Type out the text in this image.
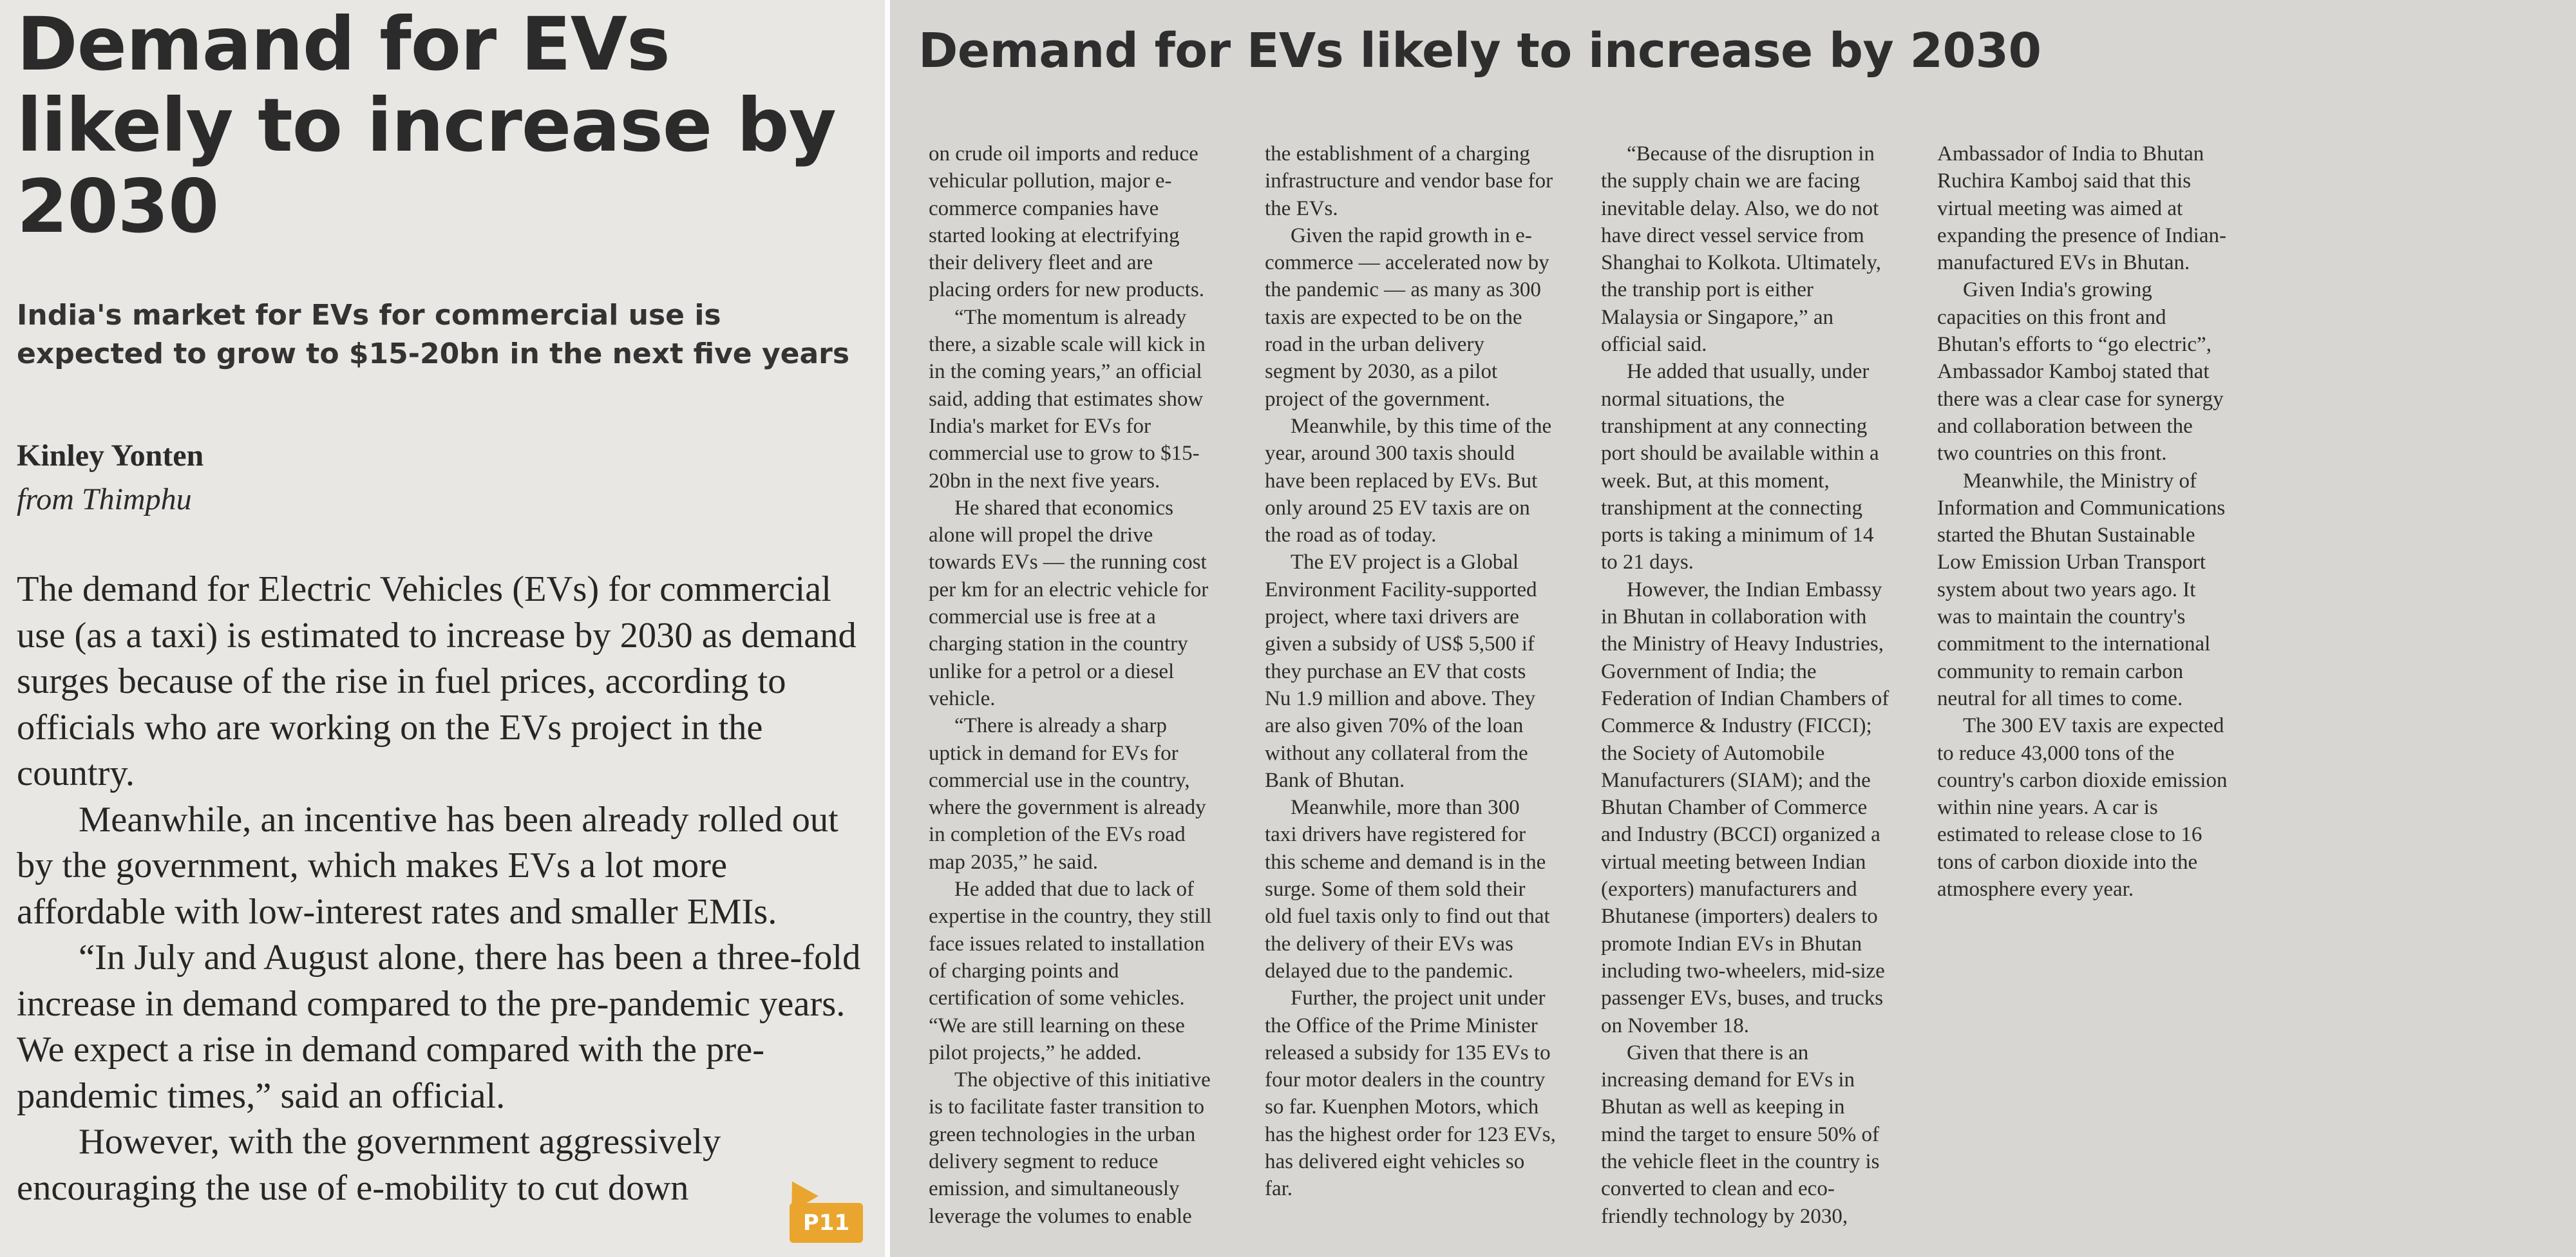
Demand for EVs likely to increase by 2030
India's market for EVs for commercial use is expected to grow to $15-20bn in the next five years

Kinley Yonten

from Thimphu

The demand for Electric Vehicles (EVs) for commercial use (as a taxi) is estimated to increase by 2030 as demand surges because of the rise in fuel prices, according to officials who are working on the EVs project in the country.

Meanwhile, an incentive has been already rolled out by the government, which makes EVs a lot more affordable with low-interest rates and smaller EMIs.

“In July and August alone, there has been a three-fold increase in demand compared to the pre-pandemic years. We expect a rise in demand compared with the pre-pandemic times,” said an official.

However, with the government aggressively encouraging the use of e-mobility to cut down

P11
Demand for EVs likely to increase by 2030

on crude oil imports and reduce vehicular pollution, major e-commerce companies have started looking at electrifying their delivery fleet and are placing orders for new products.

“The momentum is already there, a sizable scale will kick in in the coming years,” an official said, adding that estimates show India's market for EVs for commercial use to grow to $15-20bn in the next five years.

He shared that economics alone will propel the drive towards EVs — the running cost per km for an electric vehicle for commercial use is free at a charging station in the country unlike for a petrol or a diesel vehicle.

“There is already a sharp uptick in demand for EVs for commercial use in the country, where the government is already in completion of the EVs road map 2035,” he said.

He added that due to lack of expertise in the country, they still face issues related to installation of charging points and certification of some vehicles. “We are still learning on these pilot projects,” he added.

The objective of this initiative is to facilitate faster transition to green technologies in the urban delivery segment to reduce emission, and simultaneously leverage the volumes to enable the establishment of a charging infrastructure and vendor base for the EVs.

Given the rapid growth in e-commerce — accelerated now by the pandemic — as many as 300 taxis are expected to be on the road in the urban delivery segment by 2030, as a pilot project of the government.

Meanwhile, by this time of the year, around 300 taxis should have been replaced by EVs. But only around 25 EV taxis are on the road as of today.

The EV project is a Global Environment Facility-supported project, where taxi drivers are given a subsidy of US$ 5,500 if they purchase an EV that costs Nu 1.9 million and above. They are also given 70% of the loan without any collateral from the Bank of Bhutan.

Meanwhile, more than 300 taxi drivers have registered for this scheme and demand is in the surge. Some of them sold their old fuel taxis only to find out that the delivery of their EVs was delayed due to the pandemic.

Further, the project unit under the Office of the Prime Minister released a subsidy for 135 EVs to four motor dealers in the country so far. Kuenphen Motors, which has the highest order for 123 EVs, has delivered eight vehicles so far.

“Because of the disruption in the supply chain we are facing inevitable delay. Also, we do not have direct vessel service from Shanghai to Kolkota. Ultimately, the tranship port is either Malaysia or Singapore,” an official said.

He added that usually, under normal situations, the transhipment at any connecting port should be available within a week. But, at this moment, transhipment at the connecting ports is taking a minimum of 14 to 21 days.

However, the Indian Embassy in Bhutan in collaboration with the Ministry of Heavy Industries, Government of India; the Federation of Indian Chambers of Commerce & Industry (FICCI); the Society of Automobile Manufacturers (SIAM); and the Bhutan Chamber of Commerce and Industry (BCCI) organized a virtual meeting between Indian (exporters) manufacturers and Bhutanese (importers) dealers to promote Indian EVs in Bhutan including two-wheelers, mid-size passenger EVs, buses, and trucks on November 18.

Given that there is an increasing demand for EVs in Bhutan as well as keeping in mind the target to ensure 50% of the vehicle fleet in the country is converted to clean and eco-friendly technology by 2030, Ambassador of India to Bhutan Ruchira Kamboj said that this virtual meeting was aimed at expanding the presence of Indian-manufactured EVs in Bhutan.

Given India's growing capacities on this front and Bhutan's efforts to “go electric”, Ambassador Kamboj stated that there was a clear case for synergy and collaboration between the two countries on this front.

Meanwhile, the Ministry of Information and Communications started the Bhutan Sustainable Low Emission Urban Transport system about two years ago. It was to maintain the country's commitment to the international community to remain carbon neutral for all times to come.

The 300 EV taxis are expected to reduce 43,000 tons of the country's carbon dioxide emission within nine years. A car is estimated to release close to 16 tons of carbon dioxide into the atmosphere every year.
